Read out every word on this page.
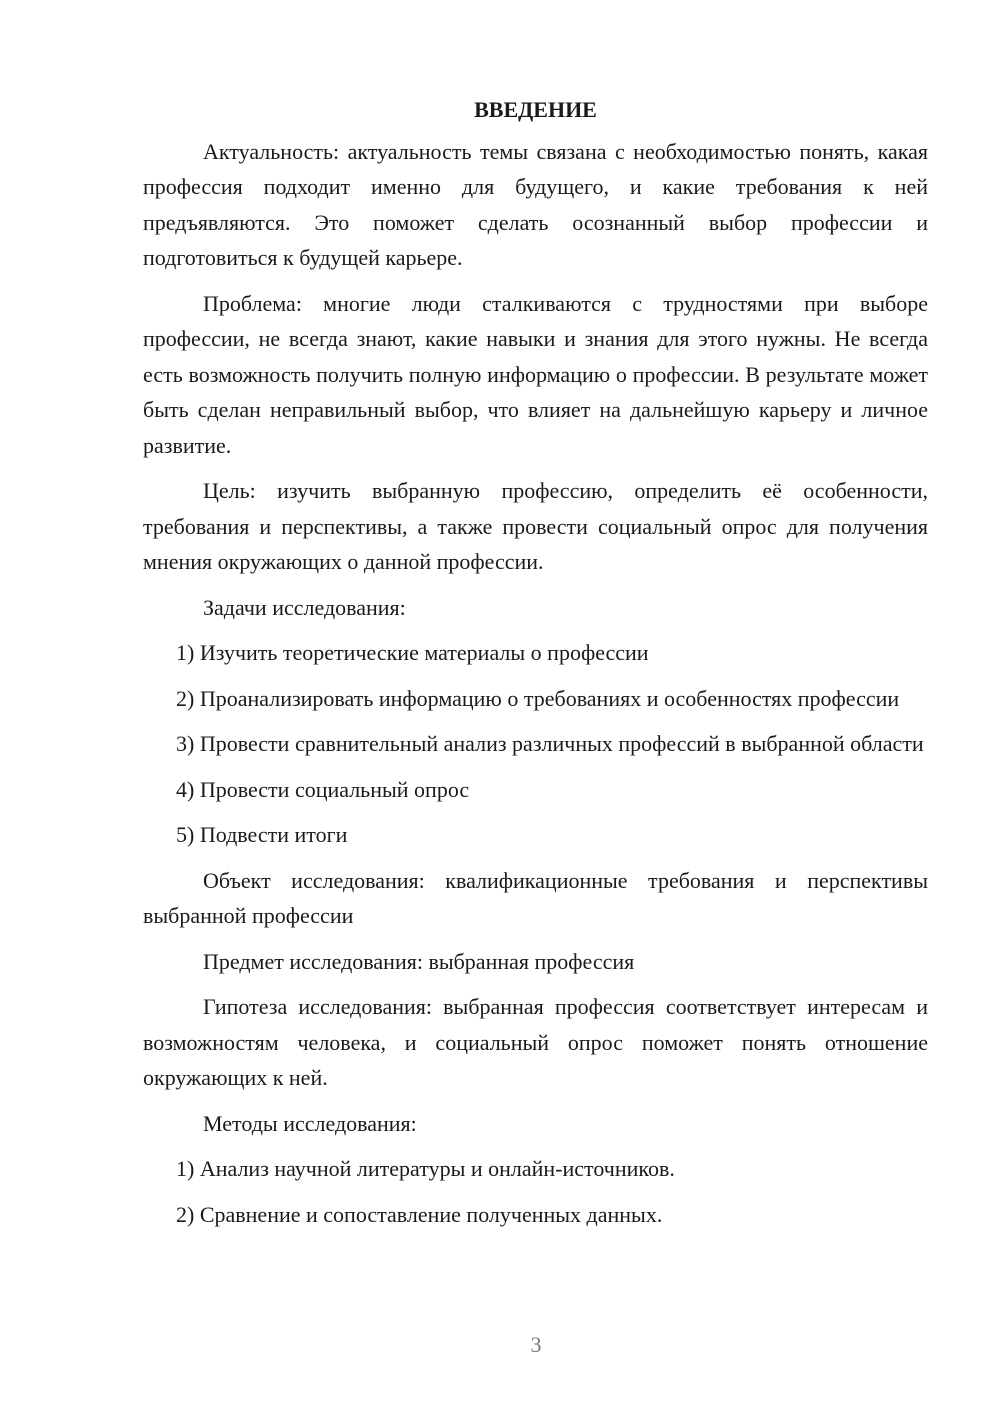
ВВЕДЕНИЕ

Актуальность: актуальность темы связана с необходимостью понять, какая профессия подходит именно для будущего, и какие требования к ней предъявляются. Это поможет сделать осознанный выбор профессии и подготовиться к будущей карьере.

Проблема: многие люди сталкиваются с трудностями при выборе профессии, не всегда знают, какие навыки и знания для этого нужны. Не всегда есть возможность получить полную информацию о профессии. В результате может быть сделан неправильный выбор, что влияет на дальнейшую карьеру и личное развитие.

Цель: изучить выбранную профессию, определить её особенности, требования и перспективы, а также провести социальный опрос для получения мнения окружающих о данной профессии.

Задачи исследования:

1) Изучить теоретические материалы о профессии
2) Проанализировать информацию о требованиях и особенностях профессии
3) Провести сравнительный анализ различных профессий в выбранной области
4) Провести социальный опрос
5) Подвести итоги

Объект исследования: квалификационные требования и перспективы выбранной профессии

Предмет исследования: выбранная профессия

Гипотеза исследования: выбранная профессия соответствует интересам и возможностям человека, и социальный опрос поможет понять отношение окружающих к ней.

Методы исследования:

1) Анализ научной литературы и онлайн-источников.
2) Сравнение и сопоставление полученных данных.
3
